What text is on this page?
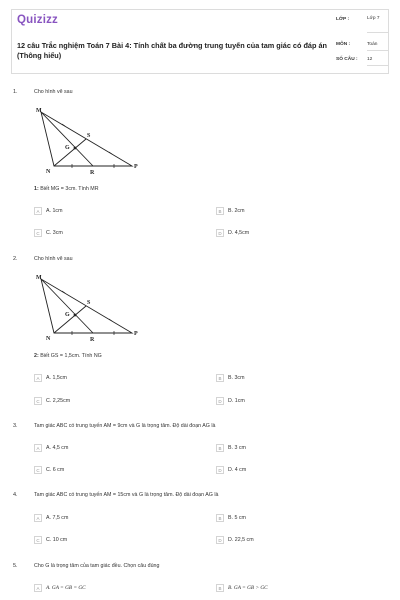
Quizizz
12 câu Trắc nghiệm Toán 7 Bài 4: Tính chất ba đường trung tuyến của tam giác có đáp án (Thông hiểu)
LỚP :	Lớp 7
MÔN :	Toán
SỐ CÂU : 12
1.	Cho hình vẽ sau
M
S
G
N	R
P
1: Biết MG = 3cm. Tính MR
A	A. 1cm	B	B. 2cm
C	C. 3cm	D	D. 4,5cm
2.	Cho hình vẽ sau
M
S
G
N	R
P
2: Biết GS = 1,5cm. Tính NG
A	A. 1,5cm	B	B. 3cm
C	C. 2,25cm	D	D. 1cm
3.	Tam giác ABC có trung tuyến AM = 9cm và G là trọng tâm. Độ dài đoạn AG là
A	A. 4,5 cm	B	B. 3 cm
C	C. 6 cm	D	D. 4 cm
4.	Tam giác ABC có trung tuyến AM = 15cm và G là trọng tâm. Độ dài đoạn AG là
A	A. 7,5 cm	B	B. 5 cm
C	C. 10 cm	D	D. 22,5 cm
5.	Cho G là trọng tâm của tam giác đều. Chọn câu đúng
A	A. GA = GB = GC	B	B. GA = GB > GC
